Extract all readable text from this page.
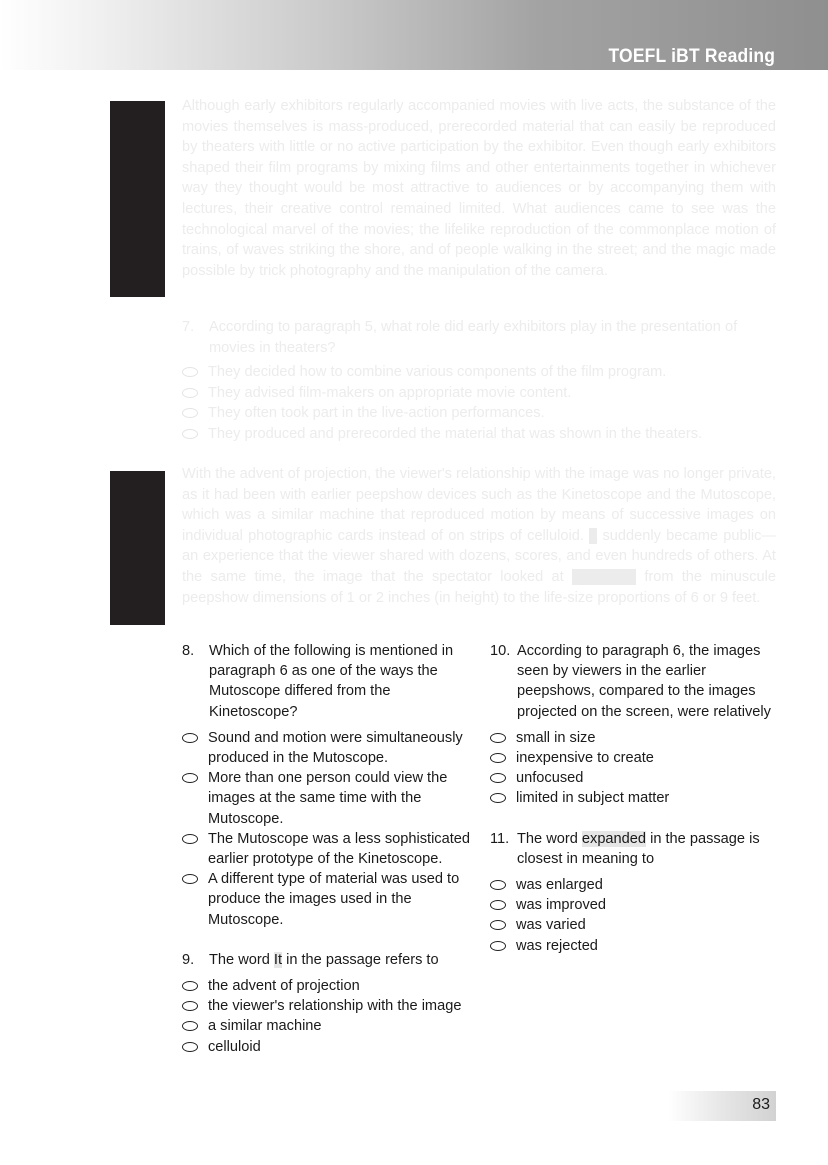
TOEFL iBT Reading

Although early exhibitors regularly accompanied movies with live acts, the substance of the movies themselves is mass-produced, prerecorded material that can easily be reproduced by theaters with little or no active participation by the exhibitor. Even though early exhibitors shaped their film programs by mixing films and other entertainments together in whichever way they thought would be most attractive to audiences or by accompanying them with lectures, their creative control remained limited. What audiences came to see was the technological marvel of the movies; the lifelike reproduction of the commonplace motion of trains, of waves striking the shore, and of people walking in the street; and the magic made possible by trick photography and the manipulation of the camera.

7.	According to paragraph 5, what role did early exhibitors play in the presentation of movies in theaters?
They decided how to combine various components of the film program.
They advised film-makers on appropriate movie content.
They often took part in the live-action performances.
They produced and prerecorded the material that was shown in the theaters.

With the advent of projection, the viewer's relationship with the image was no longer private, as it had been with earlier peepshow devices such as the Kinetoscope and the Mutoscope, which was a similar machine that reproduced motion by means of successive images on individual photographic cards instead of on strips of celluloid. It suddenly became public—an experience that the viewer shared with dozens, scores, and even hundreds of others. At the same time, the image that the spectator looked at expanded from the minuscule peepshow dimensions of 1 or 2 inches (in height) to the life-size proportions of 6 or 9 feet.

8.	Which of the following is mentioned in paragraph 6 as one of the ways the Mutoscope differed from the Kinetoscope?
Sound and motion were simultaneously produced in the Mutoscope.
More than one person could view the images at the same time with the Mutoscope.
The Mutoscope was a less sophisticated earlier prototype of the Kinetoscope.
A different type of material was used to produce the images used in the Mutoscope.
9.	The word It in the passage refers to
the advent of projection
the viewer's relationship with the image
a similar machine
celluloid
10. According to paragraph 6, the images seen by viewers in the earlier peepshows, compared to the images projected on the screen, were relatively
small in size
inexpensive to create
unfocused
limited in subject matter
11. The word expanded in the passage is closest in meaning to
was enlarged
was improved
was varied
was rejected
83
